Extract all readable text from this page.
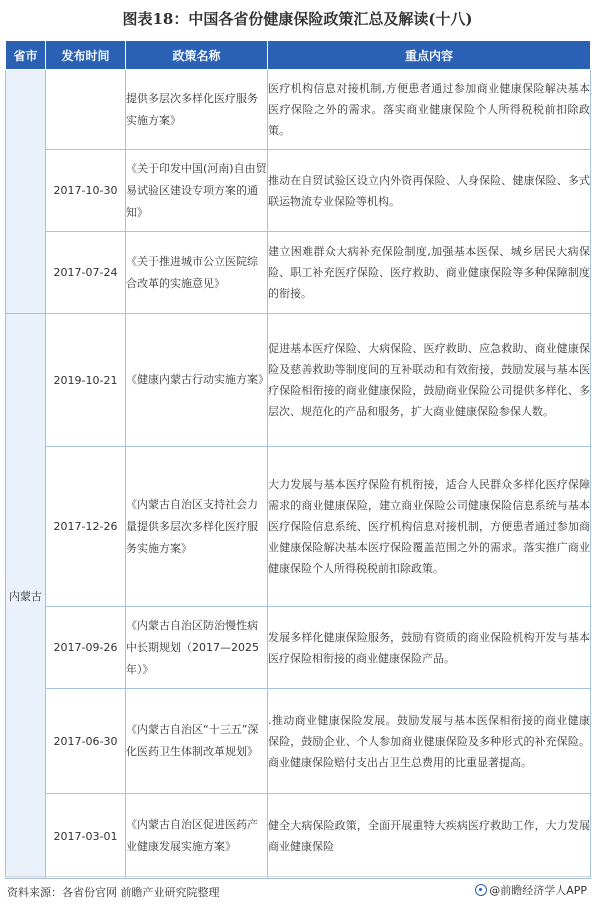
图表18：中国各省份健康保险政策汇总及解读(十八)
省市	发布时间	政策名称	重点内容
		提供多层次多样化医疗服务实施方案》	医疗机构信息对接机制,方便患者通过参加商业健康保险解决基本医疗保险之外的需求。落实商业健康保险个人所得税税前扣除政策。
	2017-10-30	《关于印发中国(河南)自由贸易试验区建设专项方案的通知》	推动在自贸试验区设立内外资再保险、人身保险、健康保险、多式联运物流专业保险等机构。
	2017-07-24	《关于推进城市公立医院综合改革的实施意见》	建立困难群众大病补充保险制度,加强基本医保、城乡居民大病保险、职工补充医疗保险、医疗救助、商业健康保险等多种保障制度的衔接。
内蒙古	2019-10-21	《健康内蒙古行动实施方案》	促进基本医疗保险、大病保险、医疗救助、应急救助、商业健康保险及慈善救助等制度间的互补联动和有效衔接，鼓励发展与基本医疗保险相衔接的商业健康保险，鼓励商业保险公司提供多样化、多层次、规范化的产品和服务，扩大商业健康保险参保人数。
	2017-12-26	《内蒙古自治区支持社会力量提供多层次多样化医疗服务实施方案》	大力发展与基本医疗保险有机衔接，适合人民群众多样化医疗保障需求的商业健康保险，建立商业保险公司健康保险信息系统与基本医疗保险信息系统、医疗机构信息对接机制，方便患者通过参加商业健康保险解决基本医疗保险覆盖范围之外的需求。落实推广商业健康保险个人所得税税前扣除政策。
	2017-09-26	《内蒙古自治区防治慢性病中长期规划（2017—2025年）》	发展多样化健康保险服务，鼓励有资质的商业保险机构开发与基本医疗保险相衔接的商业健康保险产品。
	2017-06-30	《内蒙古自治区“十三五”深化医药卫生体制改革规划》	.推动商业健康保险发展。鼓励发展与基本医保相衔接的商业健康保险，鼓励企业、个人参加商业健康保险及多种形式的补充保险。商业健康保险赔付支出占卫生总费用的比重显著提高。
	2017-03-01	《内蒙古自治区促进医药产业健康发展实施方案》	健全大病保险政策，全面开展重特大疾病医疗救助工作，大力发展商业健康保险
资料来源：各省份官网 前瞻产业研究院整理	@前瞻经济学人APP
